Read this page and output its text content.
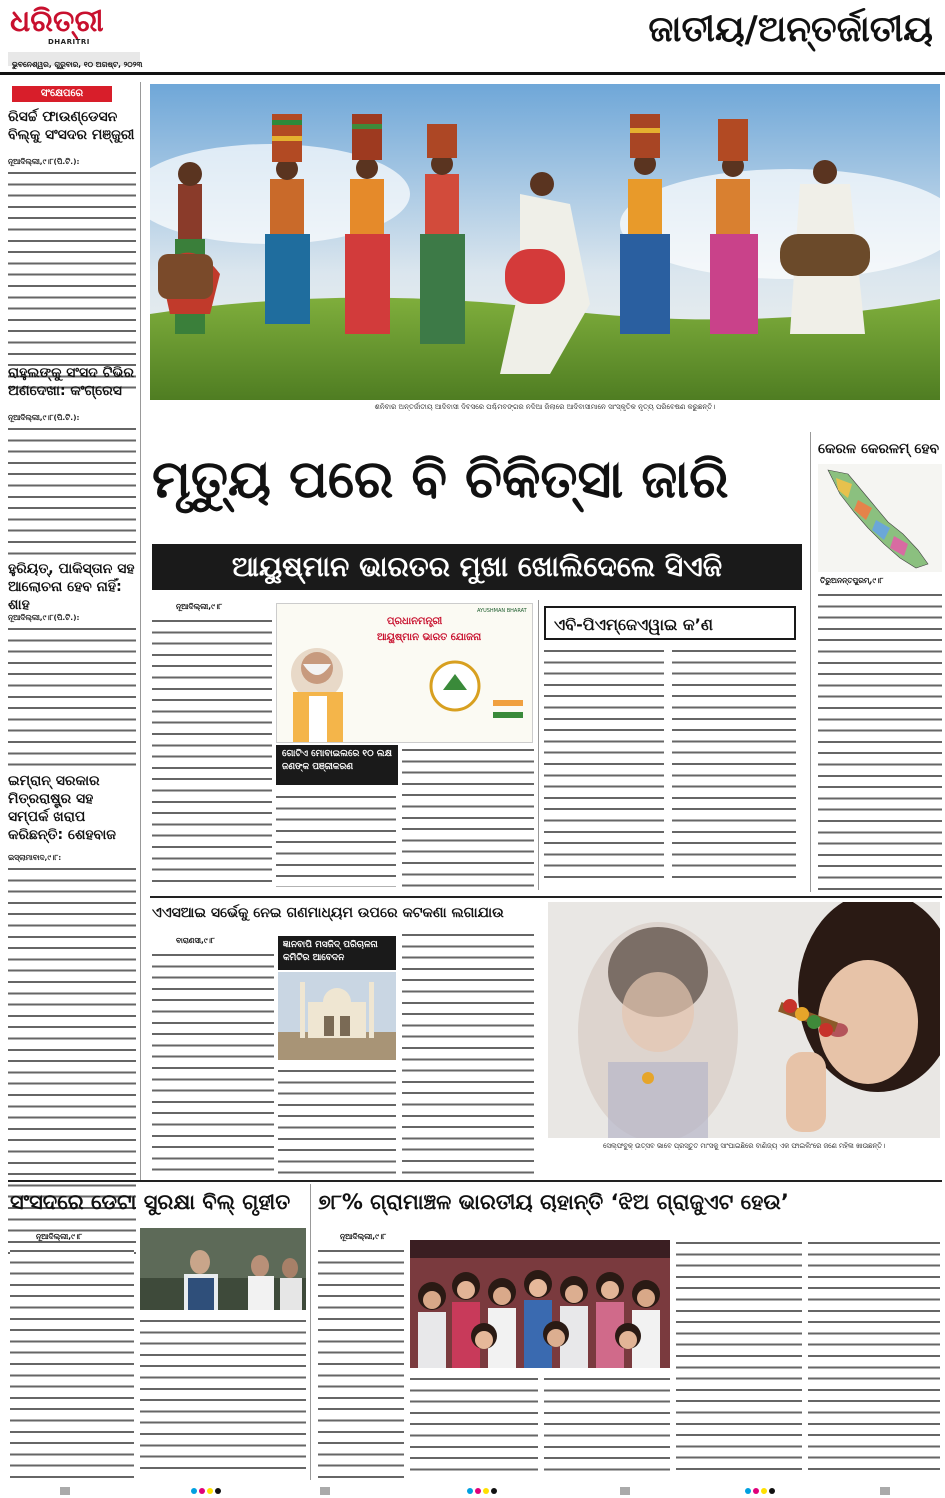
ଧରିତ୍ରୀ
DHARITRI
ଭୁବନେଶ୍ୱର, ଗୁରୁବାର, ୧୦ ଅଗଷ୍ଟ, ୨୦୨୩
ଜାତୀୟ/ଅନ୍ତର୍ଜାତୀୟ
ସଂକ୍ଷେପରେ
ରିସର୍ଚ୍ଚ ଫାଉଣ୍ଡେସନ ବିଲ୍‌କୁ ସଂସଦର ମଞ୍ଜୁରୀ
ନୂଆଦିଲ୍ଲୀ,୯।୮(ପି.ଟି.):
ରାହୁଲଙ୍କୁ ସଂସଦ ଟିଭିର ଅଣଦେଖା: କଂଗ୍ରେସ
ନୂଆଦିଲ୍ଲୀ,୯।୮(ପି.ଟି.):
ହୁରିୟତ୍‌, ପାକିସ୍ତାନ ସହ ଆଲୋଚନା ହେବ ନାହିଁ: ଶାହ
ନୂଆଦିଲ୍ଲୀ,୯।୮(ପି.ଟି.):
ଇମ୍ରାନ୍‌ ସରକାର ମିତ୍ରରାଷ୍ଟ୍ର ସହ ସମ୍ପର୍କ ଖରାପ କରିଛନ୍ତି: ଶେହବାଜ
ଇସ୍‌ଲାମାବାଦ,୯।୮:
ଶନିବାର ଅନ୍ତର୍ଜାତୀୟ ଆଦିବାସୀ ଦିବସରେ ପଶ୍ଚିମବଙ୍ଗର ନଦିଆ ଜିଲାରେ ଆଦିବାସୀମାନେ ସାଂସ୍କୃତିକ ନୃତ୍ୟ ପରିବେଷଣ କରୁଛନ୍ତି।
ମୃତ୍ୟୁ ପରେ ବି ଚିକିତ୍ସା ଜାରି
ଆୟୁଷ୍ମାନ ଭାରତର ମୁଖା ଖୋଲିଦେଲେ ସିଏଜି
କେରଳ କେରଳମ୍‌ ହେବ
ତିରୁଅନନ୍ତପୁରମ୍‌,୯।୮
ନୂଆଦିଲ୍ଲୀ,୯।୮
ପ୍ରଧାନମନ୍ତ୍ରୀ
ଆୟୁଷ୍ମାନ ଭାରତ ଯୋଜନା
AYUSHMAN BHARAT
ଗୋଟିଏ ମୋବାଇଲରେ ୧୦ ଲକ୍ଷ ଜଣଙ୍କ ପଞ୍ଜୀକରଣ
ଏବି-ପିଏମ୍‌ଜେଏୱାଇ କ’ଣ
ଏଏସଆଇ ସର୍ଭେକୁ ନେଇ ଗଣମାଧ୍ୟମ ଉପରେ କଟକଣା ଲଗାଯାଉ
ବାରାଣସୀ,୯।୮	ଜ୍ଞାନବାପି ମସଜିଦ୍‌ ପରିଚାଳନା କମିଟିର ଆବେଦନ
ସେଲ୍‌ଫବୁକ୍‌ ଉତ୍ସବ ଭାବେ ପ୍ରସ୍ତୁତ ମାଂସକୁ ସାଂଘାଇଛିରେ ବାଣିଜ୍ୟ ଏକ ଫାଇଲିଂରେ ଜଣେ ମହିଳା ଖାଉଛନ୍ତି।
ସଂସଦରେ ଡେଟା ସୁରକ୍ଷା ବିଲ୍‌ ଗୃହୀତ
ନୂଆଦିଲ୍ଲୀ,୯।୮
୭୮% ଗ୍ରାମାଞ୍ଚଳ ଭାରତୀୟ ଚାହାନ୍ତି ‘ଝିଅ ଗ୍ରାଜୁଏଟ ହେଉ’
ନୂଆଦିଲ୍ଲୀ,୯।୮
